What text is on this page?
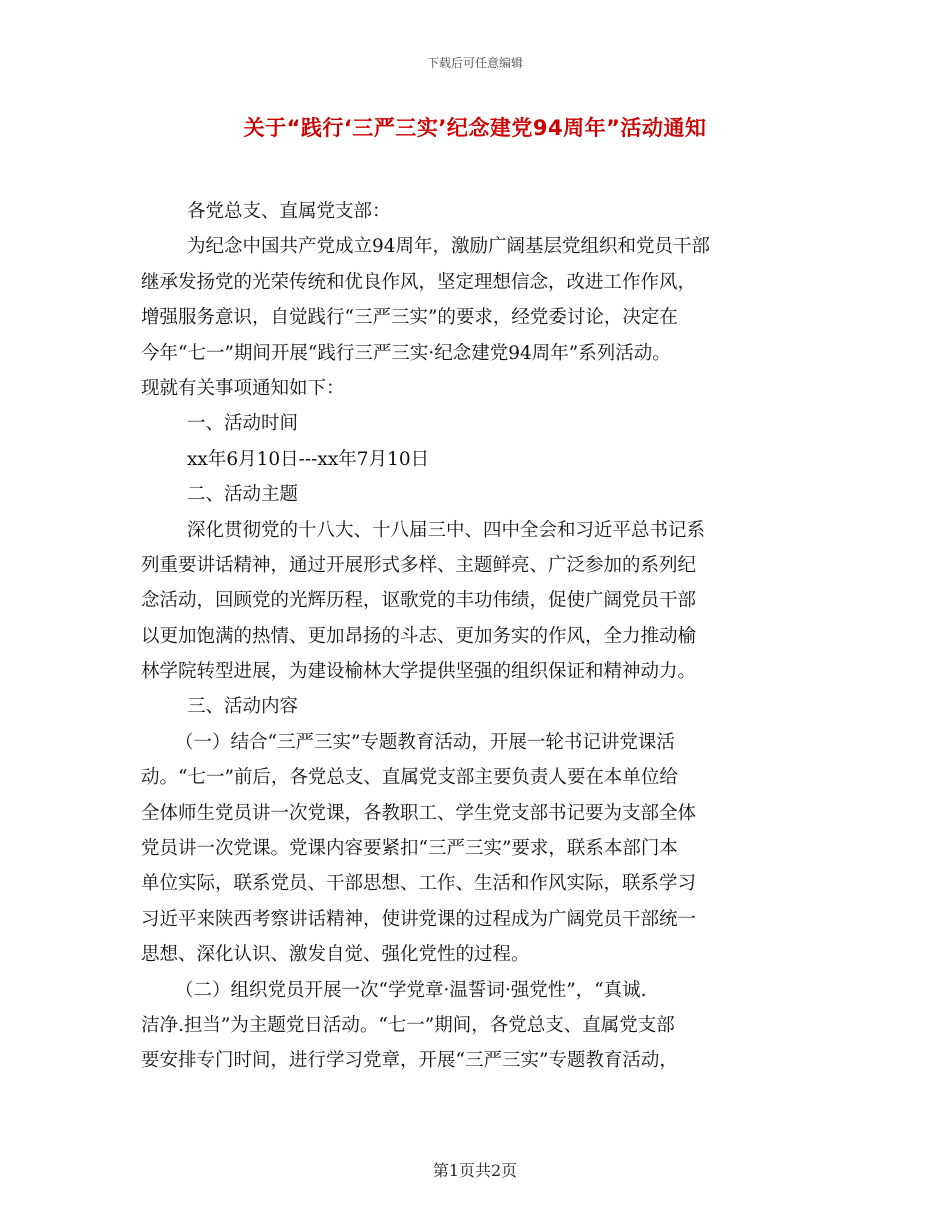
下载后可任意编辑
关于“践行‘三严三实’纪念建党94周年”活动通知
各党总支、直属党支部：
为纪念中国共产党成立94周年，激励广阔基层党组织和党员干部
继承发扬党的光荣传统和优良作风，坚定理想信念，改进工作作风，
增强服务意识，自觉践行“三严三实”的要求，经党委讨论，决定在
今年“七一”期间开展“践行三严三实·纪念建党94周年”系列活动。
现就有关事项通知如下：
一、活动时间
xx年6月10日---xx年7月10日
二、活动主题
深化贯彻党的十八大、十八届三中、四中全会和习近平总书记系
列重要讲话精神，通过开展形式多样、主题鲜亮、广泛参加的系列纪
念活动，回顾党的光辉历程，讴歌党的丰功伟绩，促使广阔党员干部
以更加饱满的热情、更加昂扬的斗志、更加务实的作风，全力推动榆
林学院转型进展，为建设榆林大学提供坚强的组织保证和精神动力。
三、活动内容
（一）结合“三严三实”专题教育活动，开展一轮书记讲党课活
动。“七一”前后，各党总支、直属党支部主要负责人要在本单位给
全体师生党员讲一次党课，各教职工、学生党支部书记要为支部全体
党员讲一次党课。党课内容要紧扣“三严三实”要求，联系本部门本
单位实际，联系党员、干部思想、工作、生活和作风实际，联系学习
习近平来陕西考察讲话精神，使讲党课的过程成为广阔党员干部统一
思想、深化认识、激发自觉、强化党性的过程。
（二）组织党员开展一次“学党章·温誓词·强党性”，“真诚.
洁净.担当”为主题党日活动。“七一”期间，各党总支、直属党支部
要安排专门时间，进行学习党章，开展“三严三实”专题教育活动，
第1页共2页
